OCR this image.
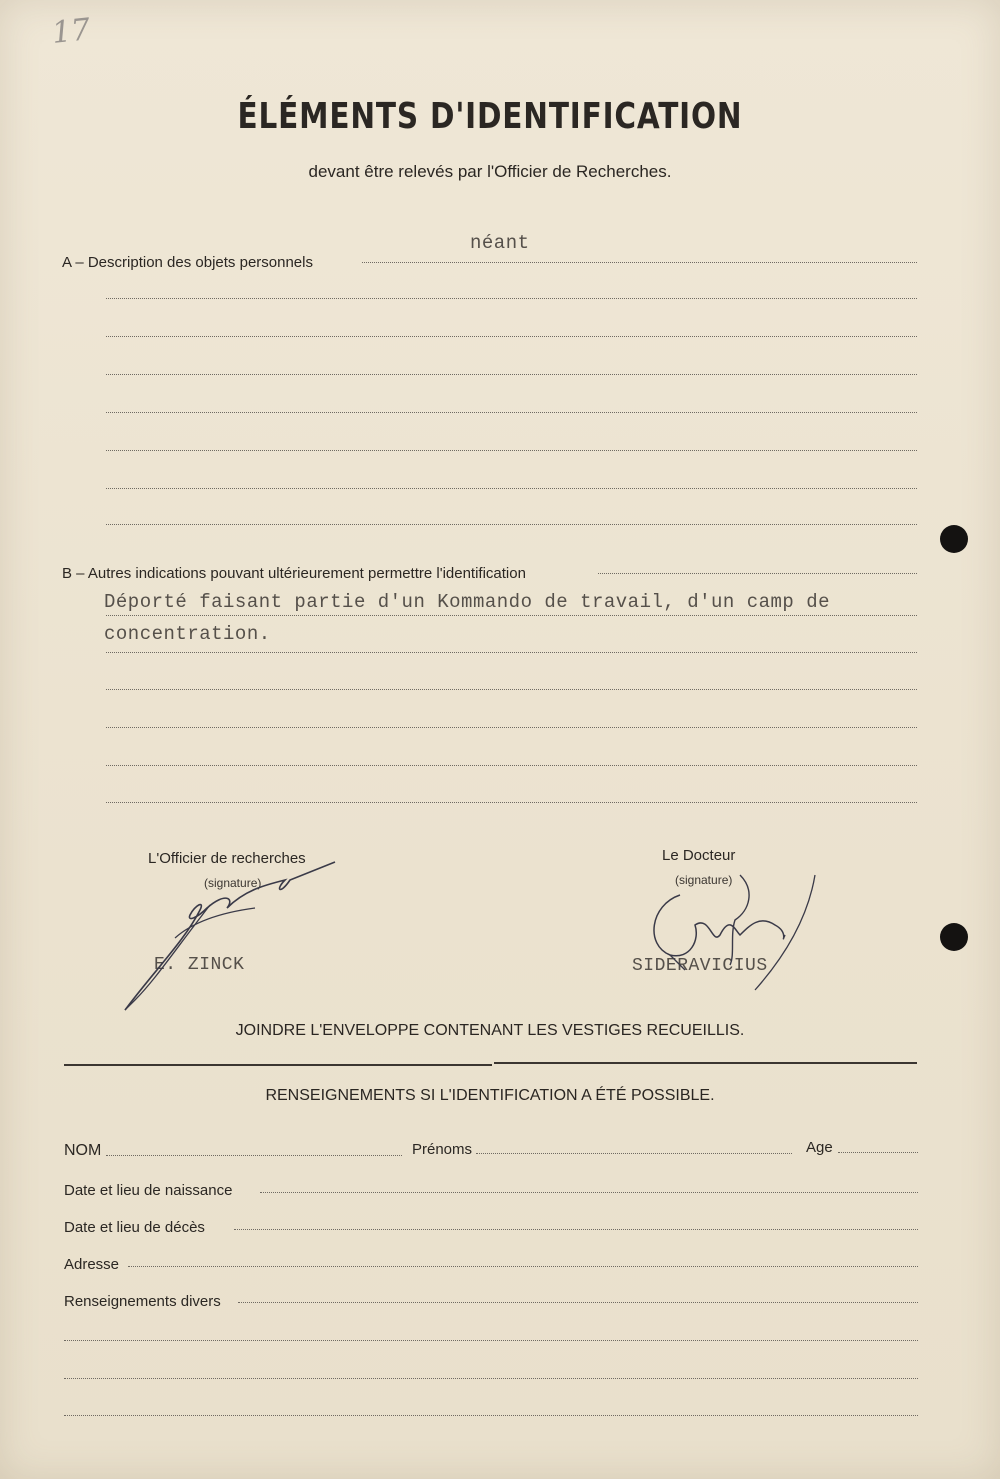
17
ÉLÉMENTS D'IDENTIFICATION
devant être relevés par l'Officier de Recherches.
A – Description des objets personnels
néant
B – Autres indications pouvant ultérieurement permettre l'identification
Déporté faisant partie d'un Kommando de travail, d'un camp de
concentration.
L'Officier de recherches
(signature)
E. ZINCK
Le Docteur
(signature)
SIDERAVICIUS
JOINDRE L'ENVELOPPE CONTENANT LES VESTIGES RECUEILLIS.
RENSEIGNEMENTS SI L'IDENTIFICATION A ÉTÉ POSSIBLE.
NOM	Prénoms	Age
Date et lieu de naissance
Date et lieu de décès
Adresse
Renseignements divers
